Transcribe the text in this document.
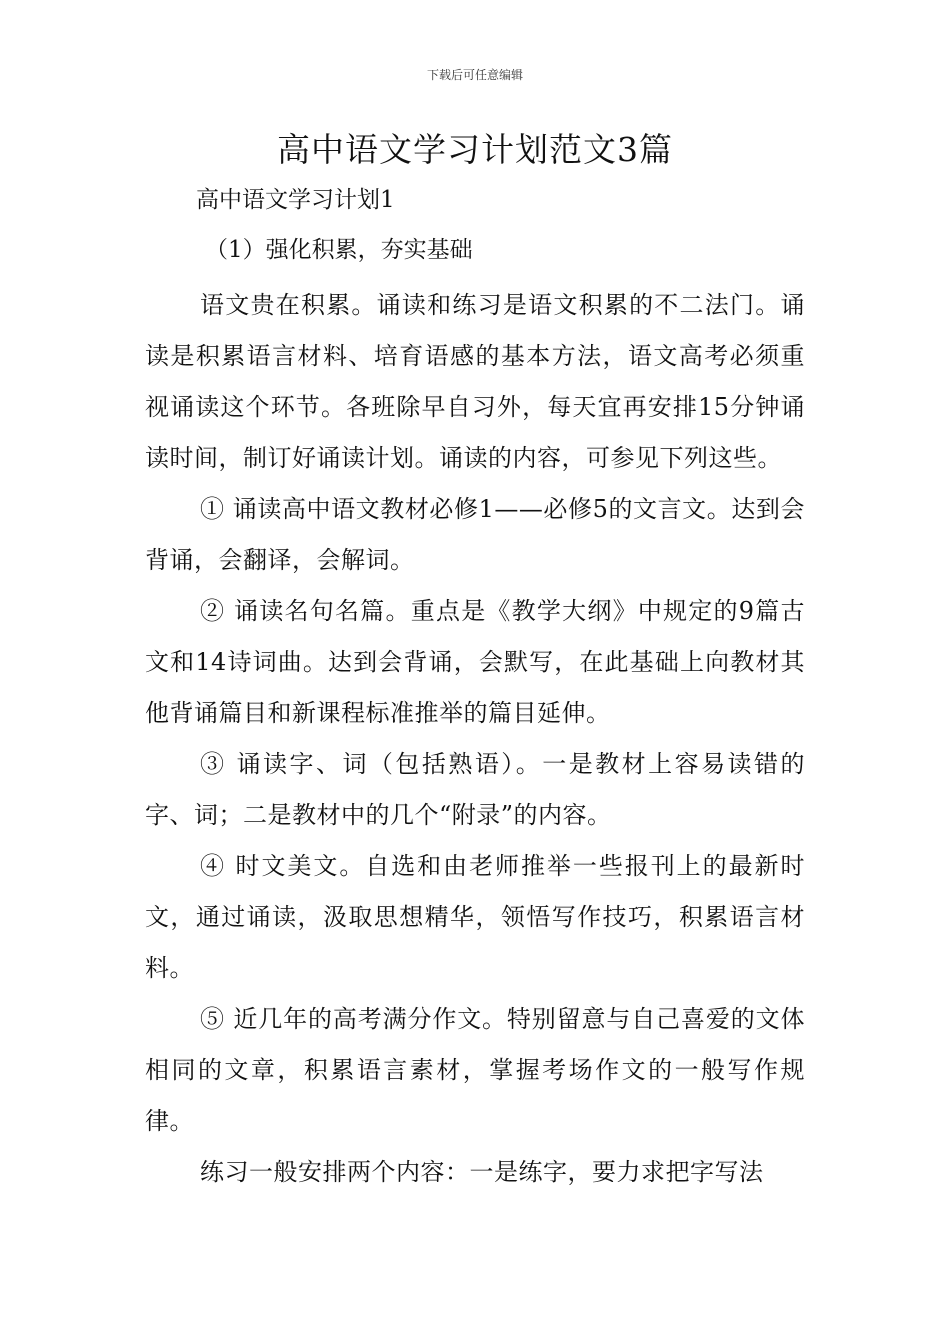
下载后可任意编辑
高中语文学习计划范文3篇
高中语文学习计划1
（1）强化积累，夯实基础

语文贵在积累。诵读和练习是语文积累的不二法门。诵读是积累语言材料、培育语感的基本方法，语文高考必须重视诵读这个环节。各班除早自习外，每天宜再安排15分钟诵读时间，制订好诵读计划。诵读的内容，可参见下列这些。

① 诵读高中语文教材必修1——必修5的文言文。达到会背诵，会翻译，会解词。

② 诵读名句名篇。重点是《教学大纲》中规定的9篇古文和14诗词曲。达到会背诵，会默写，在此基础上向教材其他背诵篇目和新课程标准推举的篇目延伸。

③ 诵读字、词（包括熟语）。一是教材上容易读错的字、词；二是教材中的几个“附录”的内容。

④ 时文美文。自选和由老师推举一些报刊上的最新时文，通过诵读，汲取思想精华，领悟写作技巧，积累语言材料。

⑤ 近几年的高考满分作文。特别留意与自己喜爱的文体相同的文章，积累语言素材，掌握考场作文的一般写作规律。

练习一般安排两个内容：一是练字，要力求把字写法
